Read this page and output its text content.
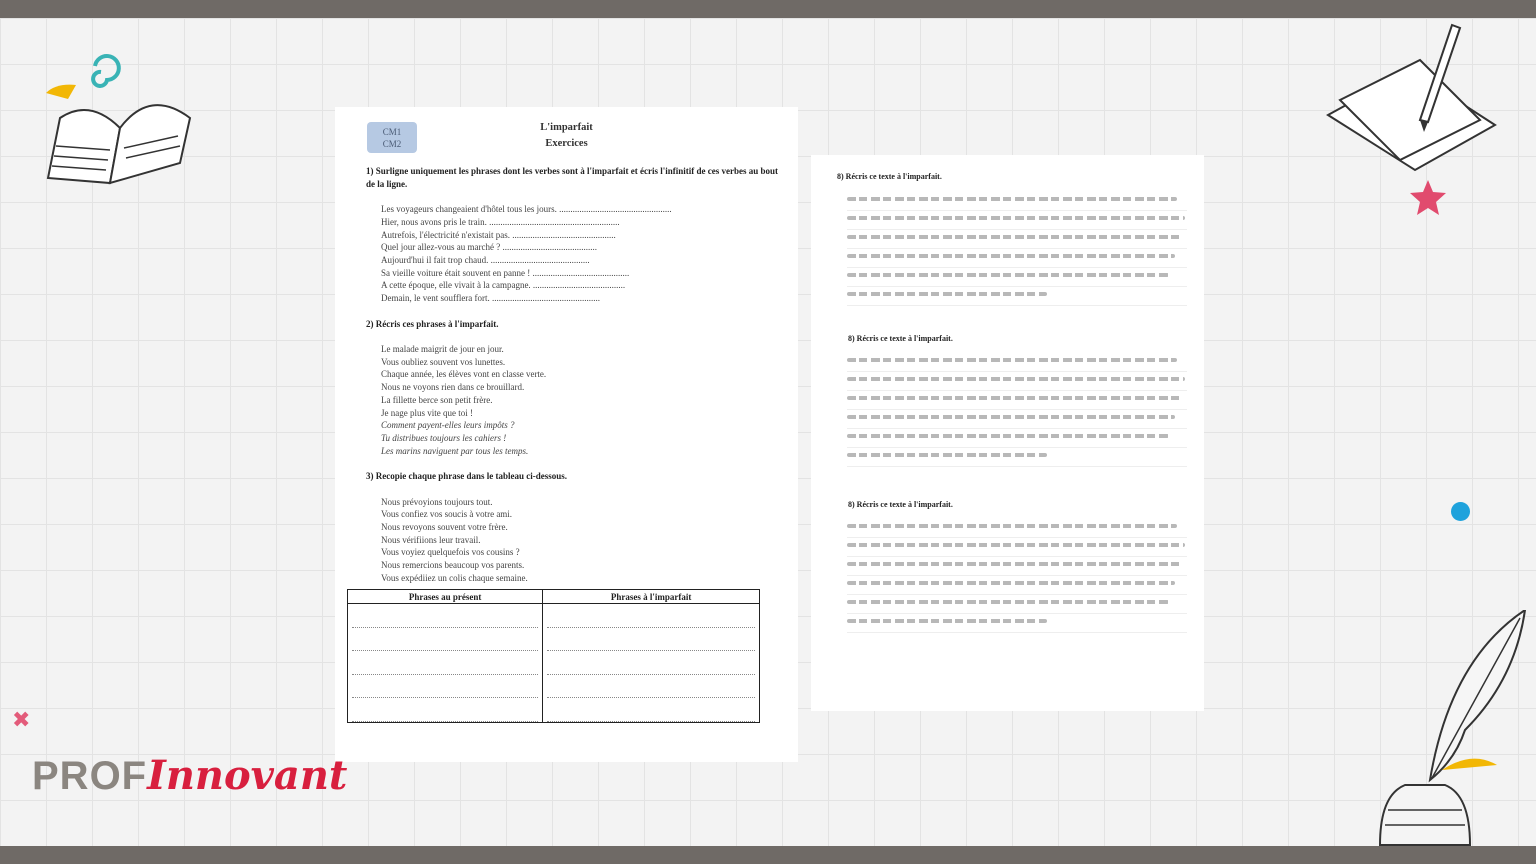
✖
CM1
CM2
L'imparfait
Exercices
1) Surligne uniquement les phrases dont les verbes sont à l'imparfait et écris l'infinitif de ces verbes au bout de la ligne.
Les voyageurs changeaient d'hôtel tous les jours. ..................................................
Hier, nous avons pris le train. ..........................................................
Autrefois, l'électricité n'existait pas. ..............................................
Quel jour allez-vous au marché ? ..........................................
Aujourd'hui il fait trop chaud. ............................................
Sa vieille voiture était souvent en panne ! ...........................................
A cette époque, elle vivait à la campagne. .........................................
Demain, le vent soufflera fort. ................................................
2) Récris ces phrases à l'imparfait.
Le malade maigrit de jour en jour.
Vous oubliez souvent vos lunettes.
Chaque année, les élèves vont en classe verte.
Nous ne voyons rien dans ce brouillard.
La fillette berce son petit frère.
Je nage plus vite que toi !
Comment payent-elles leurs impôts ?
Tu distribues toujours les cahiers !
Les marins naviguent par tous les temps.
3) Recopie chaque phrase dans le tableau ci-dessous.
Nous prévoyions toujours tout.
Vous confiez vos soucis à votre ami.
Nous revoyons souvent votre frère.
Nous vérifiions leur travail.
Vous voyiez quelquefois vos cousins ?
Nous remercions beaucoup vos parents.
Vous expédiiez un colis chaque semaine.
Phrases au présent	Phrases à l'imparfait

8) Récris ce texte à l'imparfait.
8) Récris ce texte à l'imparfait.
8) Récris ce texte à l'imparfait.
PROFInnovant
